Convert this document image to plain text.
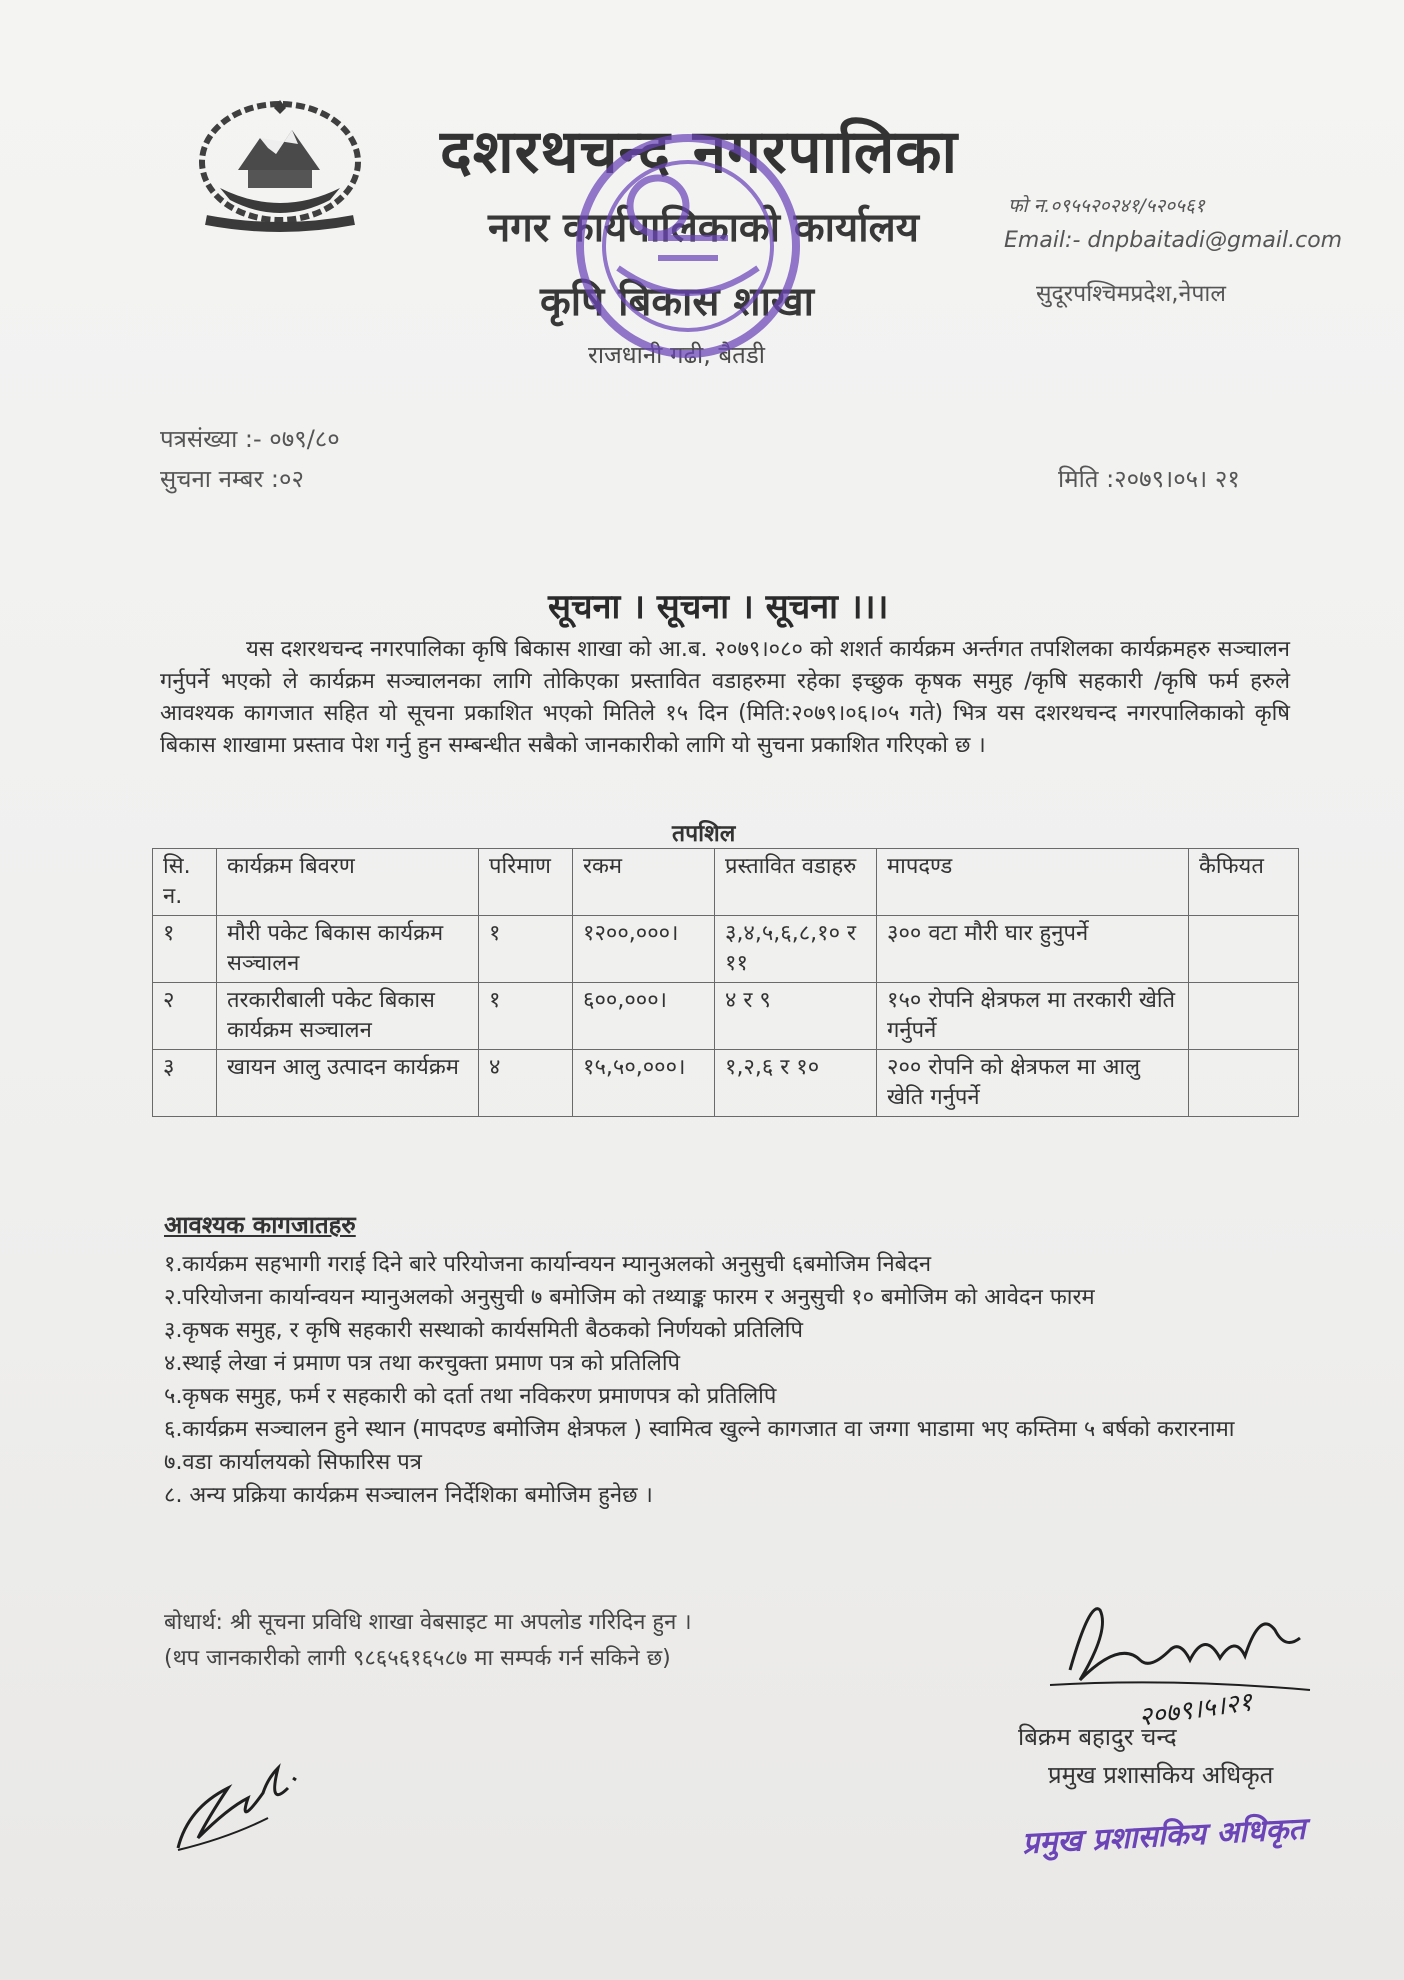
दशरथचन्द नगरपालिका
नगर कार्यपालिकाको कार्यालय
कृषि बिकास शाखा
राजधानी गढी, बैतडी
फो न.०९५५२०२४१/५२०५६१
Email:- dnpbaitadi@gmail.com
सुदूरपश्चिमप्रदेश,नेपाल
पत्रसंख्या :- ०७९/८०
सुचना नम्बर :०२	मिति :२०७९।०५। २१
सूचना । सूचना । सूचना ।।।
यस दशरथचन्द नगरपालिका कृषि बिकास शाखा को आ.ब. २०७९।०८० को शशर्त कार्यक्रम अर्न्तगत तपशिलका कार्यक्रमहरु सञ्चालन गर्नुपर्ने भएको ले कार्यक्रम सञ्चालनका लागि तोकिएका प्रस्तावित वडाहरुमा रहेका इच्छुक कृषक समुह /कृषि सहकारी /कृषि फर्म हरुले आवश्यक कागजात सहित यो सूचना प्रकाशित भएको मितिले १५ दिन (मिति:२०७९।०६।०५ गते) भित्र यस दशरथचन्द नगरपालिकाको कृषि बिकास शाखामा प्रस्ताव पेश गर्नु हुन सम्बन्धीत सबैको जानकारीको लागि यो सुचना प्रकाशित गरिएको छ ।
तपशिल
सि. न.	कार्यक्रम बिवरण	परिमाण	रकम	प्रस्तावित वडाहरु	मापदण्ड	कैफियत
१	मौरी पकेट बिकास कार्यक्रम सञ्चालन	१	१२००,०००।	३,४,५,६,८,१० र ११	३०० वटा मौरी घार हुनुपर्ने	
२	तरकारीबाली पकेट बिकास कार्यक्रम सञ्चालन	१	६००,०००।	४ र ९	१५० रोपनि क्षेत्रफल मा तरकारी खेति गर्नुपर्ने	
३	खायन आलु उत्पादन कार्यक्रम	४	१५,५०,०००।	१,२,६ र १०	२०० रोपनि को क्षेत्रफल मा आलु खेति गर्नुपर्ने	
आवश्यक कागजातहरु
१.कार्यक्रम सहभागी गराई दिने बारे परियोजना कार्यान्वयन म्यानुअलको अनुसुची ६बमोजिम निबेदन
२.परियोजना कार्यान्वयन म्यानुअलको अनुसुची ७ बमोजिम को तथ्याङ्क फारम र अनुसुची १० बमोजिम को आवेदन फारम
३.कृषक समुह, र कृषि सहकारी सस्थाको कार्यसमिती बैठकको निर्णयको प्रतिलिपि
४.स्थाई लेखा नं प्रमाण पत्र तथा करचुक्ता प्रमाण पत्र को प्रतिलिपि
५.कृषक समुह, फर्म र सहकारी को दर्ता तथा नविकरण प्रमाणपत्र को प्रतिलिपि
६.कार्यक्रम सञ्चालन हुने स्थान (मापदण्ड बमोजिम क्षेत्रफल ) स्वामित्व खुल्ने कागजात वा जग्गा भाडामा भए कम्तिमा ५ बर्षको करारनामा
७.वडा कार्यालयको सिफारिस पत्र
८. अन्य प्रक्रिया कार्यक्रम सञ्चालन निर्देशिका बमोजिम हुनेछ ।
बोधार्थ: श्री सूचना प्रविधि शाखा वेबसाइट मा अपलोड गरिदिन हुन ।
(थप जानकारीको लागी ९८६५६१६५८७ मा सम्पर्क गर्न सकिने छ)
२०७९।५।२१
बिक्रम बहादुर चन्द
प्रमुख प्रशासकिय अधिकृत
प्रमुख प्रशासकिय अधिकृत
